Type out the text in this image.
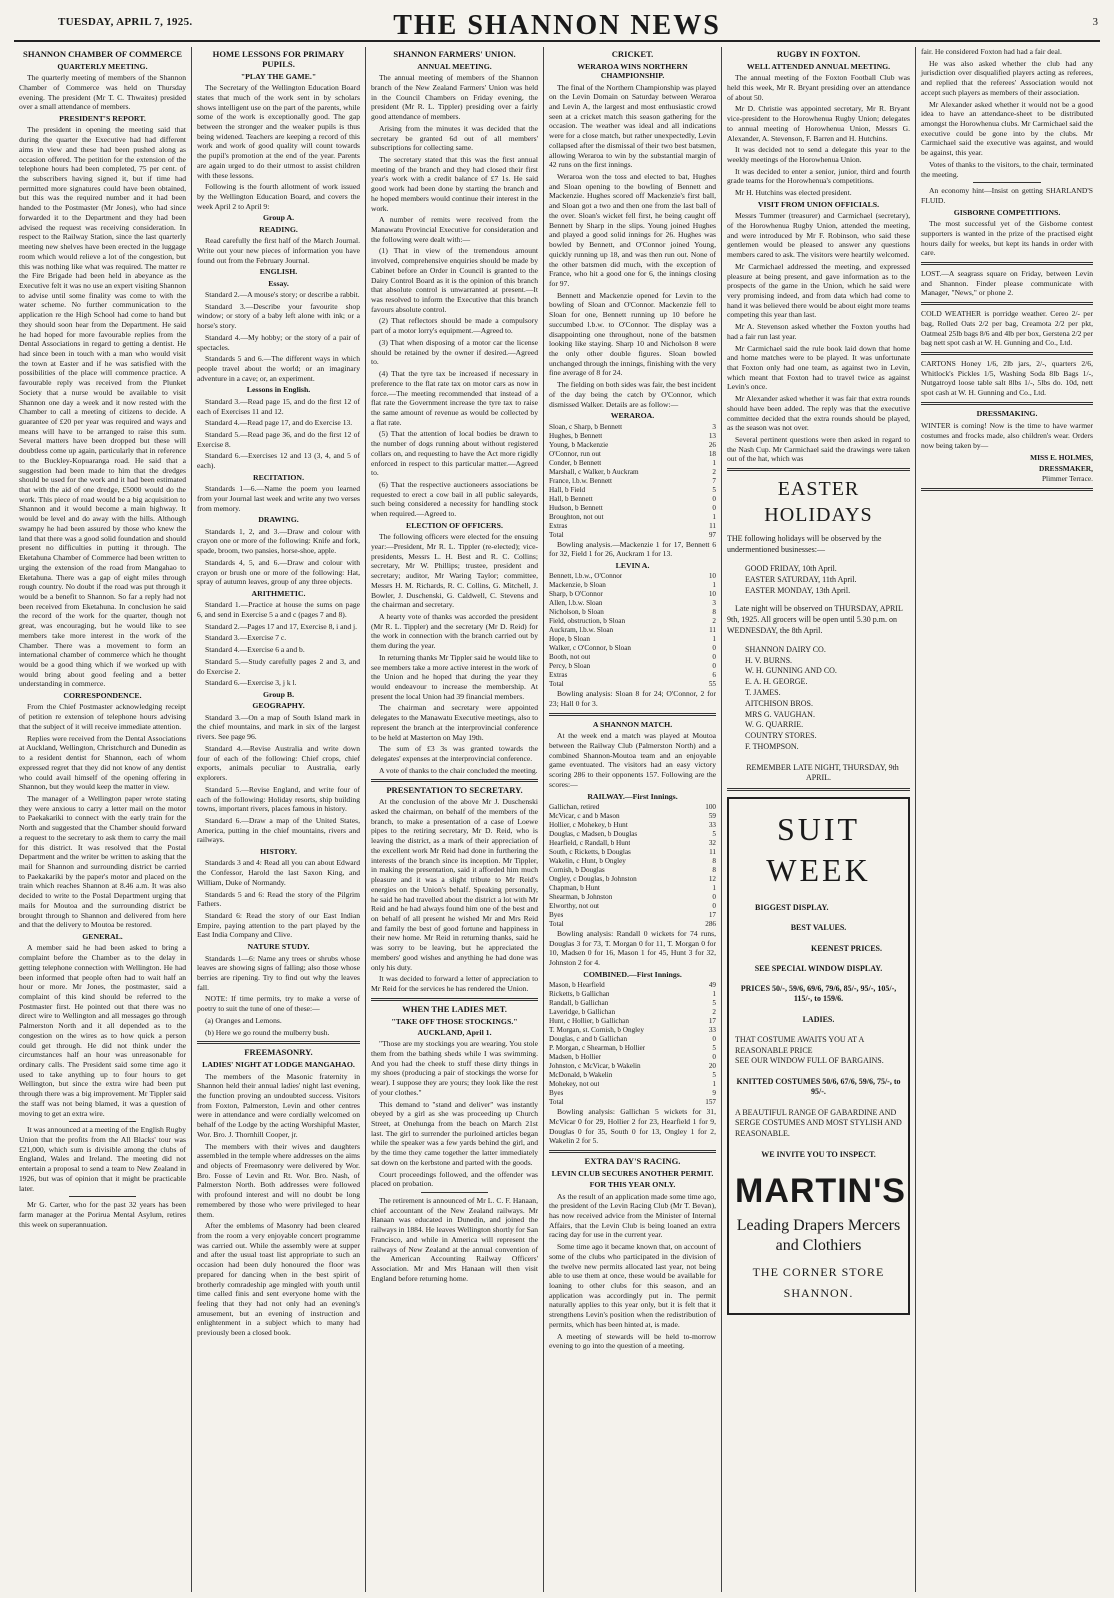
TUESDAY, APRIL 7, 1925.	THE SHANNON NEWS	3
SHANNON CHAMBER OF COMMERCE
QUARTERLY MEETING.

The quarterly meeting of members of the Shannon Chamber of Commerce was held on Thursday evening. The president (Mr T. C. Thwaites) presided over a small attendance of members.

PRESIDENT'S REPORT.

The president in opening the meeting said that during the quarter the Executive had had different aims in view and these had been pushed along as occasion offered. The petition for the extension of the telephone hours had been completed, 75 per cent. of the subscribers having signed it, but if time had permitted more signatures could have been obtained, but this was the required number and it had been handed to the Postmaster (Mr Jones), who had since forwarded it to the Department and they had been advised the request was receiving consideration. In respect to the Railway Station, since the last quarterly meeting new shelves have been erected in the luggage room which would relieve a lot of the congestion, but this was nothing like what was required. The matter re the Fire Brigade had been held in abeyance as the Executive felt it was no use an expert visiting Shannon to advise until some finality was come to with the water scheme. No further communication to the application re the High School had come to hand but they should soon hear from the Department. He said he had hoped for more favourable replies from the Dental Associations in regard to getting a dentist. He had since been in touch with a man who would visit the town at Easter and if he was satisfied with the possibilities of the place will commence practice. A favourable reply was received from the Plunket Society that a nurse would be available to visit Shannon one day a week and it now rested with the Chamber to call a meeting of citizens to decide. A guarantee of £20 per year was required and ways and means will have to be arranged to raise this sum. Several matters have been dropped but these will doubtless come up again, particularly that in reference to the Buckley-Kopuaranga road. He said that a suggestion had been made to him that the dredges should be used for the work and it had been estimated that with the aid of one dredge, £5000 would do the work. This piece of road would be a big acquisition to Shannon and it would become a main highway. It would be level and do away with the hills. Although swampy he had been assured by those who knew the land that there was a good solid foundation and should present no difficulties in putting it through. The Eketahuna Chamber of Commerce had been written to urging the extension of the road from Mangahao to Eketahuna. There was a gap of eight miles through rough country. No doubt if the road was put through it would be a benefit to Shannon. So far a reply had not been received from Eketahuna. In conclusion he said the record of the work for the quarter, though not great, was encouraging, but he would like to see members take more interest in the work of the Chamber. There was a movement to form an international chamber of commerce which he thought would be a good thing which if we worked up with would bring about good feeling and a better understanding in commerce.

CORRESPONDENCE.

From the Chief Postmaster acknowledging receipt of petition re extension of telephone hours advising that the subject of it will receive immediate attention.

Replies were received from the Dental Associations at Auckland, Wellington, Christchurch and Dunedin as to a resident dentist for Shannon, each of whom expressed regret that they did not know of any dentist who could avail himself of the opening offering in Shannon, but they would keep the matter in view.

The manager of a Wellington paper wrote stating they were anxious to carry a letter mail on the motor to Paekakariki to connect with the early train for the North and suggested that the Chamber should forward a request to the secretary to ask them to carry the mail for this district. It was resolved that the Postal Department and the writer be written to asking that the mail for Shannon and surrounding district be carried to Paekakariki by the paper's motor and placed on the train which reaches Shannon at 8.46 a.m. It was also decided to write to the Postal Department urging that mails for Moutoa and the surrounding district be brought through to Shannon and delivered from here and that the delivery to Moutoa be restored.

GENERAL.

A member said he had been asked to bring a complaint before the Chamber as to the delay in getting telephone connection with Wellington. He had been informed that people often had to wait half an hour or more. Mr Jones, the postmaster, said a complaint of this kind should be referred to the Postmaster first. He pointed out that there was no direct wire to Wellington and all messages go through Palmerston North and it all depended as to the congestion on the wires as to how quick a person could get through. He did not think under the circumstances half an hour was unreasonable for ordinary calls. The President said some time ago it used to take anything up to four hours to get Wellington, but since the extra wire had been put through there was a big improvement. Mr Tippler said the staff was not being blamed, it was a question of moving to get an extra wire.

It was announced at a meeting of the English Rugby Union that the profits from the All Blacks' tour was £21,000, which sum is divisible among the clubs of England, Wales and Ireland. The meeting did not entertain a proposal to send a team to New Zealand in 1926, but was of opinion that it might be practicable later.

Mr G. Carter, who for the past 32 years has been farm manager at the Porirua Mental Asylum, retires this week on superannuation.

HOME LESSONS FOR PRIMARY PUPILS.
"PLAY THE GAME."

The Secretary of the Wellington Education Board states that much of the work sent in by scholars shows intelligent use on the part of the parents, while some of the work is exceptionally good. The gap between the stronger and the weaker pupils is thus being widened. Teachers are keeping a record of this work and work of good quality will count towards the pupil's promotion at the end of the year. Parents are again urged to do their utmost to assist children with these lessons.

Following is the fourth allotment of work issued by the Wellington Education Board, and covers the week April 2 to April 9:

Group A.
READING.

Read carefully the first half of the March Journal. Write out your new pieces of information you have found out from the February Journal.

ENGLISH.
Essay.

Standard 2.—A mouse's story; or describe a rabbit.

Standard 3.—Describe your favourite shop window; or story of a baby left alone with ink; or a horse's story.

Standard 4.—My hobby; or the story of a pair of spectacles.

Standards 5 and 6.—The different ways in which people travel about the world; or an imaginary adventure in a cave; or, an experiment.

Lessons in English.

Standard 3.—Read page 15, and do the first 12 of each of Exercises 11 and 12.

Standard 4.—Read page 17, and do Exercise 13.

Standard 5.—Read page 36, and do the first 12 of Exercise 8.

Standard 6.—Exercises 12 and 13 (3, 4, and 5 of each).

RECITATION.

Standards 1—6.—Name the poem you learned from your Journal last week and write any two verses from memory.

DRAWING.

Standards 1, 2, and 3.—Draw and colour with crayon one or more of the following: Knife and fork, spade, broom, two pansies, horse-shoe, apple.

Standards 4, 5, and 6.—Draw and colour with crayon or brush one or more of the following: Hat, spray of autumn leaves, group of any three objects.

ARITHMETIC.

Standard 1.—Practice at house the sums on page 6, and send in Exercise 5 a and c (pages 7 and 8).

Standard 2.—Pages 17 and 17, Exercise 8, i and j.

Standard 3.—Exercise 7 c.

Standard 4.—Exercise 6 a and b.

Standard 5.—Study carefully pages 2 and 3, and do Exercise 2.

Standard 6.—Exercise 3, j k l.

Group B.
GEOGRAPHY.

Standard 3.—On a map of South Island mark in the chief mountains, and mark in six of the largest rivers. See page 96.

Standard 4.—Revise Australia and write down four of each of the following: Chief crops, chief exports, animals peculiar to Australia, early explorers.

Standard 5.—Revise England, and write four of each of the following: Holiday resorts, ship building towns, important rivers, places famous in history.

Standard 6.—Draw a map of the United States, America, putting in the chief mountains, rivers and railways.

HISTORY.

Standards 3 and 4: Read all you can about Edward the Confessor, Harold the last Saxon King, and William, Duke of Normandy.

Standards 5 and 6: Read the story of the Pilgrim Fathers.

Standard 6: Read the story of our East Indian Empire, paying attention to the part played by the East India Company and Clive.

NATURE STUDY.

Standards 1—6: Name any trees or shrubs whose leaves are showing signs of falling; also those whose berries are ripening. Try to find out why the leaves fall.

NOTE: If time permits, try to make a verse of poetry to suit the tune of one of these:—

(a) Oranges and Lemons.

(b) Here we go round the mulberry bush.

FREEMASONRY.
LADIES' NIGHT AT LODGE MANGAHAO.

The members of the Masonic fraternity in Shannon held their annual ladies' night last evening, the function proving an undoubted success. Visitors from Foxton, Palmerston, Levin and other centres were in attendance and were cordially welcomed on behalf of the Lodge by the acting Worshipful Master, Wor. Bro. J. Thornhill Cooper, jr.

The members with their wives and daughters assembled in the temple where addresses on the aims and objects of Freemasonry were delivered by Wor. Bro. Fosse of Levin and Rt. Wor. Bro. Nash, of Palmerston North. Both addresses were followed with profound interest and will no doubt be long remembered by those who were privileged to hear them.

After the emblems of Masonry had been cleared from the room a very enjoyable concert programme was carried out. While the assembly were at supper and after the usual toast list appropriate to such an occasion had been duly honoured the floor was prepared for dancing when in the best spirit of brotherly comradeship age mingled with youth until time called finis and sent everyone home with the feeling that they had not only had an evening's amusement, but an evening of instruction and enlightenment in a subject which to many had previously been a closed book.

SHANNON FARMERS' UNION.
ANNUAL MEETING.

The annual meeting of members of the Shannon branch of the New Zealand Farmers' Union was held in the Council Chambers on Friday evening, the president (Mr R. L. Tippler) presiding over a fairly good attendance of members.

Arising from the minutes it was decided that the secretary be granted 6d out of all members' subscriptions for collecting same.

The secretary stated that this was the first annual meeting of the branch and they had closed their first year's work with a credit balance of £7 1s. He said good work had been done by starting the branch and he hoped members would continue their interest in the work.

A number of remits were received from the Manawatu Provincial Executive for consideration and the following were dealt with:—

(1) That in view of the tremendous amount involved, comprehensive enquiries should be made by Cabinet before an Order in Council is granted to the Dairy Control Board as it is the opinion of this branch that absolute control is unwarranted at present.—It was resolved to inform the Executive that this branch favours absolute control.

(2) That reflectors should be made a compulsory part of a motor lorry's equipment.—Agreed to.

(3) That when disposing of a motor car the license should be retained by the owner if desired.—Agreed to.

(4) That the tyre tax be increased if necessary in preference to the flat rate tax on motor cars as now in force.—The meeting recommended that instead of a flat rate the Government increase the tyre tax to raise the same amount of revenue as would be collected by a flat rate.

(5) That the attention of local bodies be drawn to the number of dogs running about without registered collars on, and requesting to have the Act more rigidly enforced in respect to this particular matter.—Agreed to.

(6) That the respective auctioneers associations be requested to erect a cow bail in all public saleyards, such being considered a necessity for handling stock when required.—Agreed to.

ELECTION OF OFFICERS.

The following officers were elected for the ensuing year:—President, Mr R. L. Tippler (re-elected); vice-presidents, Messrs L. H. Best and R. C. Collins; secretary, Mr W. Phillips; trustee, president and secretary; auditor, Mr Waring Taylor; committee, Messrs H. M. Richards, R. C. Collins, G. Mitchell, J. Bowler, J. Duschenski, G. Caldwell, C. Stevens and the chairman and secretary.

A hearty vote of thanks was accorded the president (Mr R. L. Tippler) and the secretary (Mr D. Reid) for the work in connection with the branch carried out by them during the year.

In returning thanks Mr Tippler said he would like to see members take a more active interest in the work of the Union and he hoped that during the year they would endeavour to increase the membership. At present the local Union had 39 financial members.

The chairman and secretary were appointed delegates to the Manawatu Executive meetings, also to represent the branch at the interprovincial conference to be held at Masterton on May 19th.

The sum of £3 3s was granted towards the delegates' expenses at the interprovincial conference.

A vote of thanks to the chair concluded the meeting.

PRESENTATION TO SECRETARY.

At the conclusion of the above Mr J. Duschenski asked the chairman, on behalf of the members of the branch, to make a presentation of a case of Loewe pipes to the retiring secretary, Mr D. Reid, who is leaving the district, as a mark of their appreciation of the excellent work Mr Reid had done in furthering the interests of the branch since its inception. Mr Tippler, in making the presentation, said it afforded him much pleasure and it was a slight tribute to Mr Reid's energies on the Union's behalf. Speaking personally, he said he had travelled about the district a lot with Mr Reid and he had always found him one of the best and on behalf of all present he wished Mr and Mrs Reid and family the best of good fortune and happiness in their new home. Mr Reid in returning thanks, said he was sorry to be leaving, but he appreciated the members' good wishes and anything he had done was only his duty.

It was decided to forward a letter of appreciation to Mr Reid for the services he has rendered the Union.

WHEN THE LADIES MET.
"TAKE OFF THOSE STOCKINGS."
AUCKLAND, April 1.

"Those are my stockings you are wearing. You stole them from the bathing sheds while I was swimming. And you had the cheek to stuff these dirty things in my shoes (producing a pair of stockings the worse for wear). I suppose they are yours; they look like the rest of your clothes."

This demand to "stand and deliver" was instantly obeyed by a girl as she was proceeding up Church Street, at Onehunga from the beach on March 21st last. The girl to surrender the purloined articles began while the speaker was a few yards behind the girl, and by the time they came together the latter immediately sat down on the kerbstone and parted with the goods.

Court proceedings followed, and the offender was placed on probation.

The retirement is announced of Mr L. C. F. Hanaan, chief accountant of the New Zealand railways. Mr Hanaan was educated in Dunedin, and joined the railways in 1884. He leaves Wellington shortly for San Francisco, and while in America will represent the railways of New Zealand at the annual convention of the American Accounting Railway Officers' Association. Mr and Mrs Hanaan will then visit England before returning home.

CRICKET.
WERAROA WINS NORTHERN CHAMPIONSHIP.

The final of the Northern Championship was played on the Levin Domain on Saturday between Weraroa and Levin A, the largest and most enthusiastic crowd seen at a cricket match this season gathering for the occasion. The weather was ideal and all indications were for a close match, but rather unexpectedly, Levin collapsed after the dismissal of their two best batsmen, allowing Weraroa to win by the substantial margin of 42 runs on the first innings.

Weraroa won the toss and elected to bat, Hughes and Sloan opening to the bowling of Bennett and Mackenzie. Hughes scored off Mackenzie's first ball, and Sloan got a two and then one from the last ball of the over. Sloan's wicket fell first, he being caught off Bennett by Sharp in the slips. Young joined Hughes and played a good solid innings for 26. Hughes was bowled by Bennett, and O'Connor joined Young, quickly running up 18, and was then run out. None of the other batsmen did much, with the exception of France, who hit a good one for 6, the innings closing for 97.

Bennett and Mackenzie opened for Levin to the bowling of Sloan and O'Connor. Mackenzie fell to Sloan for one, Bennett running up 10 before he succumbed l.b.w. to O'Connor. The display was a disappointing one throughout, none of the batsmen looking like staying. Sharp 10 and Nicholson 8 were the only other double figures. Sloan bowled unchanged through the innings, finishing with the very fine average of 8 for 24.

The fielding on both sides was fair, the best incident of the day being the catch by O'Connor, which dismissed Walker. Details are as follow:—

WERAROA.
Sloan, c Sharp, b Bennett	3
Hughes, b Bennett	13
Young, b Mackenzie	26
O'Connor, run out	18
Conder, b Bennett	1
Marshall, c Walker, b Auckram	2
France, l.b.w. Bennett	7
Hall, b Field	5
Hall, b Bennett	0
Hudson, b Bennett	0
Broughton, not out	1
Extras	11
Total	97

Bowling analysis.—Mackenzie 1 for 17, Bennett 6 for 32, Field 1 for 26, Auckram 1 for 13.

LEVIN A.
Bennett, l.b.w., O'Connor	10
Mackenzie, b Sloan	1
Sharp, b O'Connor	10
Allen, l.b.w. Sloan	3
Nicholson, b Sloan	8
Field, obstruction, b Sloan	2
Auckram, l.b.w. Sloan	11
Hope, b Sloan	1
Walker, c O'Connor, b Sloan	0
Booth, not out	0
Percy, b Sloan	0
Extras	6
Total	55

Bowling analysis: Sloan 8 for 24; O'Connor, 2 for 23; Hall 0 for 3.

A SHANNON MATCH.

At the week end a match was played at Moutoa between the Railway Club (Palmerston North) and a combined Shannon-Moutoa team and an enjoyable game eventuated. The visitors had an easy victory scoring 286 to their opponents 157. Following are the scores:—

RAILWAY.—First Innings.
Gallichan, retired	100
McVicar, c and b Mason	59
Hollier, c Mohekey, b Hunt	33
Douglas, c Madsen, b Douglas	5
Hearfield, c Randall, b Hunt	32
South, c Ricketts, b Douglas	11
Wakelin, c Hunt, b Ongley	8
Cornish, b Douglas	8
Ongley, c Douglas, b Johnston	12
Chapman, b Hunt	1
Shearman, b Johnston	0
Elworthy, not out	0
Byes	17
Total	286

Bowling analysis: Randall 0 wickets for 74 runs, Douglas 3 for 73, T. Morgan 0 for 11, T. Morgan 0 for 10, Madsen 0 for 16, Mason 1 for 45, Hunt 3 for 32, Johnston 2 for 4.

COMBINED.—First Innings.
Mason, b Hearfield	49
Ricketts, b Gallichan	1
Randall, b Gallichan	5
Laveridge, b Gallichan	2
Hunt, c Hollier, b Gallichan	17
T. Morgan, st. Cornish, b Ongley	33
Douglas, c and b Gallichan	0
P. Morgan, c Shearman, b Hollier	5
Madsen, b Hollier	0
Johnston, c McVicar, b Wakelin	20
McDonald, b Wakelin	5
Mohekey, not out	1
Byes	9
Total	157

Bowling analysis: Gallichan 5 wickets for 31, McVicar 0 for 29, Hollier 2 for 23, Hearfield 1 for 9, Douglas 0 for 35, South 0 for 13, Ongley 1 for 2, Wakelin 2 for 5.

EXTRA DAY'S RACING.
LEVIN CLUB SECURES ANOTHER PERMIT.
FOR THIS YEAR ONLY.

As the result of an application made some time ago, the president of the Levin Racing Club (Mr T. Bevan), has now received advice from the Minister of Internal Affairs, that the Levin Club is being loaned an extra racing day for use in the current year.

Some time ago it became known that, on account of some of the clubs who participated in the division of the twelve new permits allocated last year, not being able to use them at once, these would be available for loaning to other clubs for this season, and an application was accordingly put in. The permit naturally applies to this year only, but it is felt that it strengthens Levin's position when the redistribution of permits, which has been hinted at, is made.

A meeting of stewards will be held to-morrow evening to go into the question of a meeting.

RUGBY IN FOXTON.
WELL ATTENDED ANNUAL MEETING.

The annual meeting of the Foxton Football Club was held this week, Mr R. Bryant presiding over an attendance of about 50.

Mr D. Christie was appointed secretary, Mr R. Bryant vice-president to the Horowhenua Rugby Union; delegates to annual meeting of Horowhenua Union, Messrs G. Alexander, A. Stevenson, F. Barren and H. Hutchins.

It was decided not to send a delegate this year to the weekly meetings of the Horowhenua Union.

It was decided to enter a senior, junior, third and fourth grade teams for the Horowhenua's competitions.

Mr H. Hutchins was elected president.

VISIT FROM UNION OFFICIALS.

Messrs Tummer (treasurer) and Carmichael (secretary), of the Horowhenua Rugby Union, attended the meeting, and were introduced by Mr F. Robinson, who said these gentlemen would be pleased to answer any questions members cared to ask. The visitors were heartily welcomed.

Mr Carmichael addressed the meeting, and expressed pleasure at being present, and gave information as to the prospects of the game in the Union, which he said were very promising indeed, and from data which had come to hand it was believed there would be about eight more teams competing this year than last.

Mr A. Stevenson asked whether the Foxton youths had had a fair run last year.

Mr Carmichael said the rule book laid down that home and home matches were to be played. It was unfortunate that Foxton only had one team, as against two in Levin, which meant that Foxton had to travel twice as against Levin's once.

Mr Alexander asked whether it was fair that extra rounds should have been added. The reply was that the executive committee decided that the extra rounds should be played, as the season was not over.

Several pertinent questions were then asked in regard to the Nash Cup. Mr Carmichael said the drawings were taken out of the hat, which was

EASTER HOLIDAYS

THE following holidays will be observed by the undermentioned businesses:—

GOOD FRIDAY, 10th April.
EASTER SATURDAY, 11th April.
EASTER MONDAY, 13th April.

Late night will be observed on THURSDAY, APRIL 9th, 1925. All grocers will be open until 5.30 p.m. on WEDNESDAY, the 8th April.

SHANNON DAIRY CO.
H. V. BURNS.
W. H. GUNNING AND CO.
E. A. H. GEORGE.
T. JAMES.
AITCHISON BROS.
MRS G. VAUGHAN.
W. G. QUARRIE.
COUNTRY STORES.
F. THOMPSON.

REMEMBER LATE NIGHT, THURSDAY, 9th APRIL.

SUIT WEEK
BIGGEST DISPLAY.
BEST VALUES.
KEENEST PRICES.
SEE SPECIAL WINDOW DISPLAY.
PRICES 50/-, 59/6, 69/6, 79/6, 85/-, 95/-, 105/-, 115/-, to 159/6.
LADIES.
THAT COSTUME AWAITS YOU AT A REASONABLE PRICE
SEE OUR WINDOW FULL OF BARGAINS.
KNITTED COSTUMES 50/6, 67/6, 59/6, 75/-, to 95/-.
A BEAUTIFUL RANGE OF GABARDINE AND SERGE COSTUMES AND MOST STYLISH AND REASONABLE.
WE INVITE YOU TO INSPECT.
MARTIN'S
Leading Drapers Mercers and Clothiers
THE CORNER STORE
SHANNON.

fair. He considered Foxton had had a fair deal.

He was also asked whether the club had any jurisdiction over disqualified players acting as referees, and replied that the referees' Association would not accept such players as members of their association.

Mr Alexander asked whether it would not be a good idea to have an attendance-sheet to be distributed amongst the Horowhenua clubs. Mr Carmichael said the executive could be gone into by the clubs. Mr Carmichael said the executive was against, and would be against, this year.

Votes of thanks to the visitors, to the chair, terminated the meeting.

An economy hint—Insist on getting SHARLAND'S FLUID.

GISBORNE COMPETITIONS.

The most successful yet of the Gisborne contest supporters is wanted in the prize of the practised eight hours daily for weeks, but kept its hands in order with care.

LOST.—A seagrass square on Friday, between Levin and Shannon. Finder please communicate with Manager, "News," or phone 2.

COLD WEATHER is porridge weather. Cereo 2/- per bag, Rolled Oats 2/2 per bag, Creamota 2/2 per pkt, Oatmeal 25lb bags 8/6 and 4lb per box, Gerstena 2/2 per bag nett spot cash at W. H. Gunning and Co., Ltd.

CARTONS Honey 1/6, 2lb jars, 2/-, quarters 2/6, Whitlock's Pickles 1/5, Washing Soda 8lb Bags 1/-, Nutgatroyd loose table salt 8lbs 1/-, 5lbs do. 10d, nett spot cash at W. H. Gunning and Co., Ltd.

DRESSMAKING.

WINTER is coming! Now is the time to have warmer costumes and frocks made, also children's wear. Orders now being taken by—

MISS E. HOLMES,
DRESSMAKER,
Plimmer Terrace.
